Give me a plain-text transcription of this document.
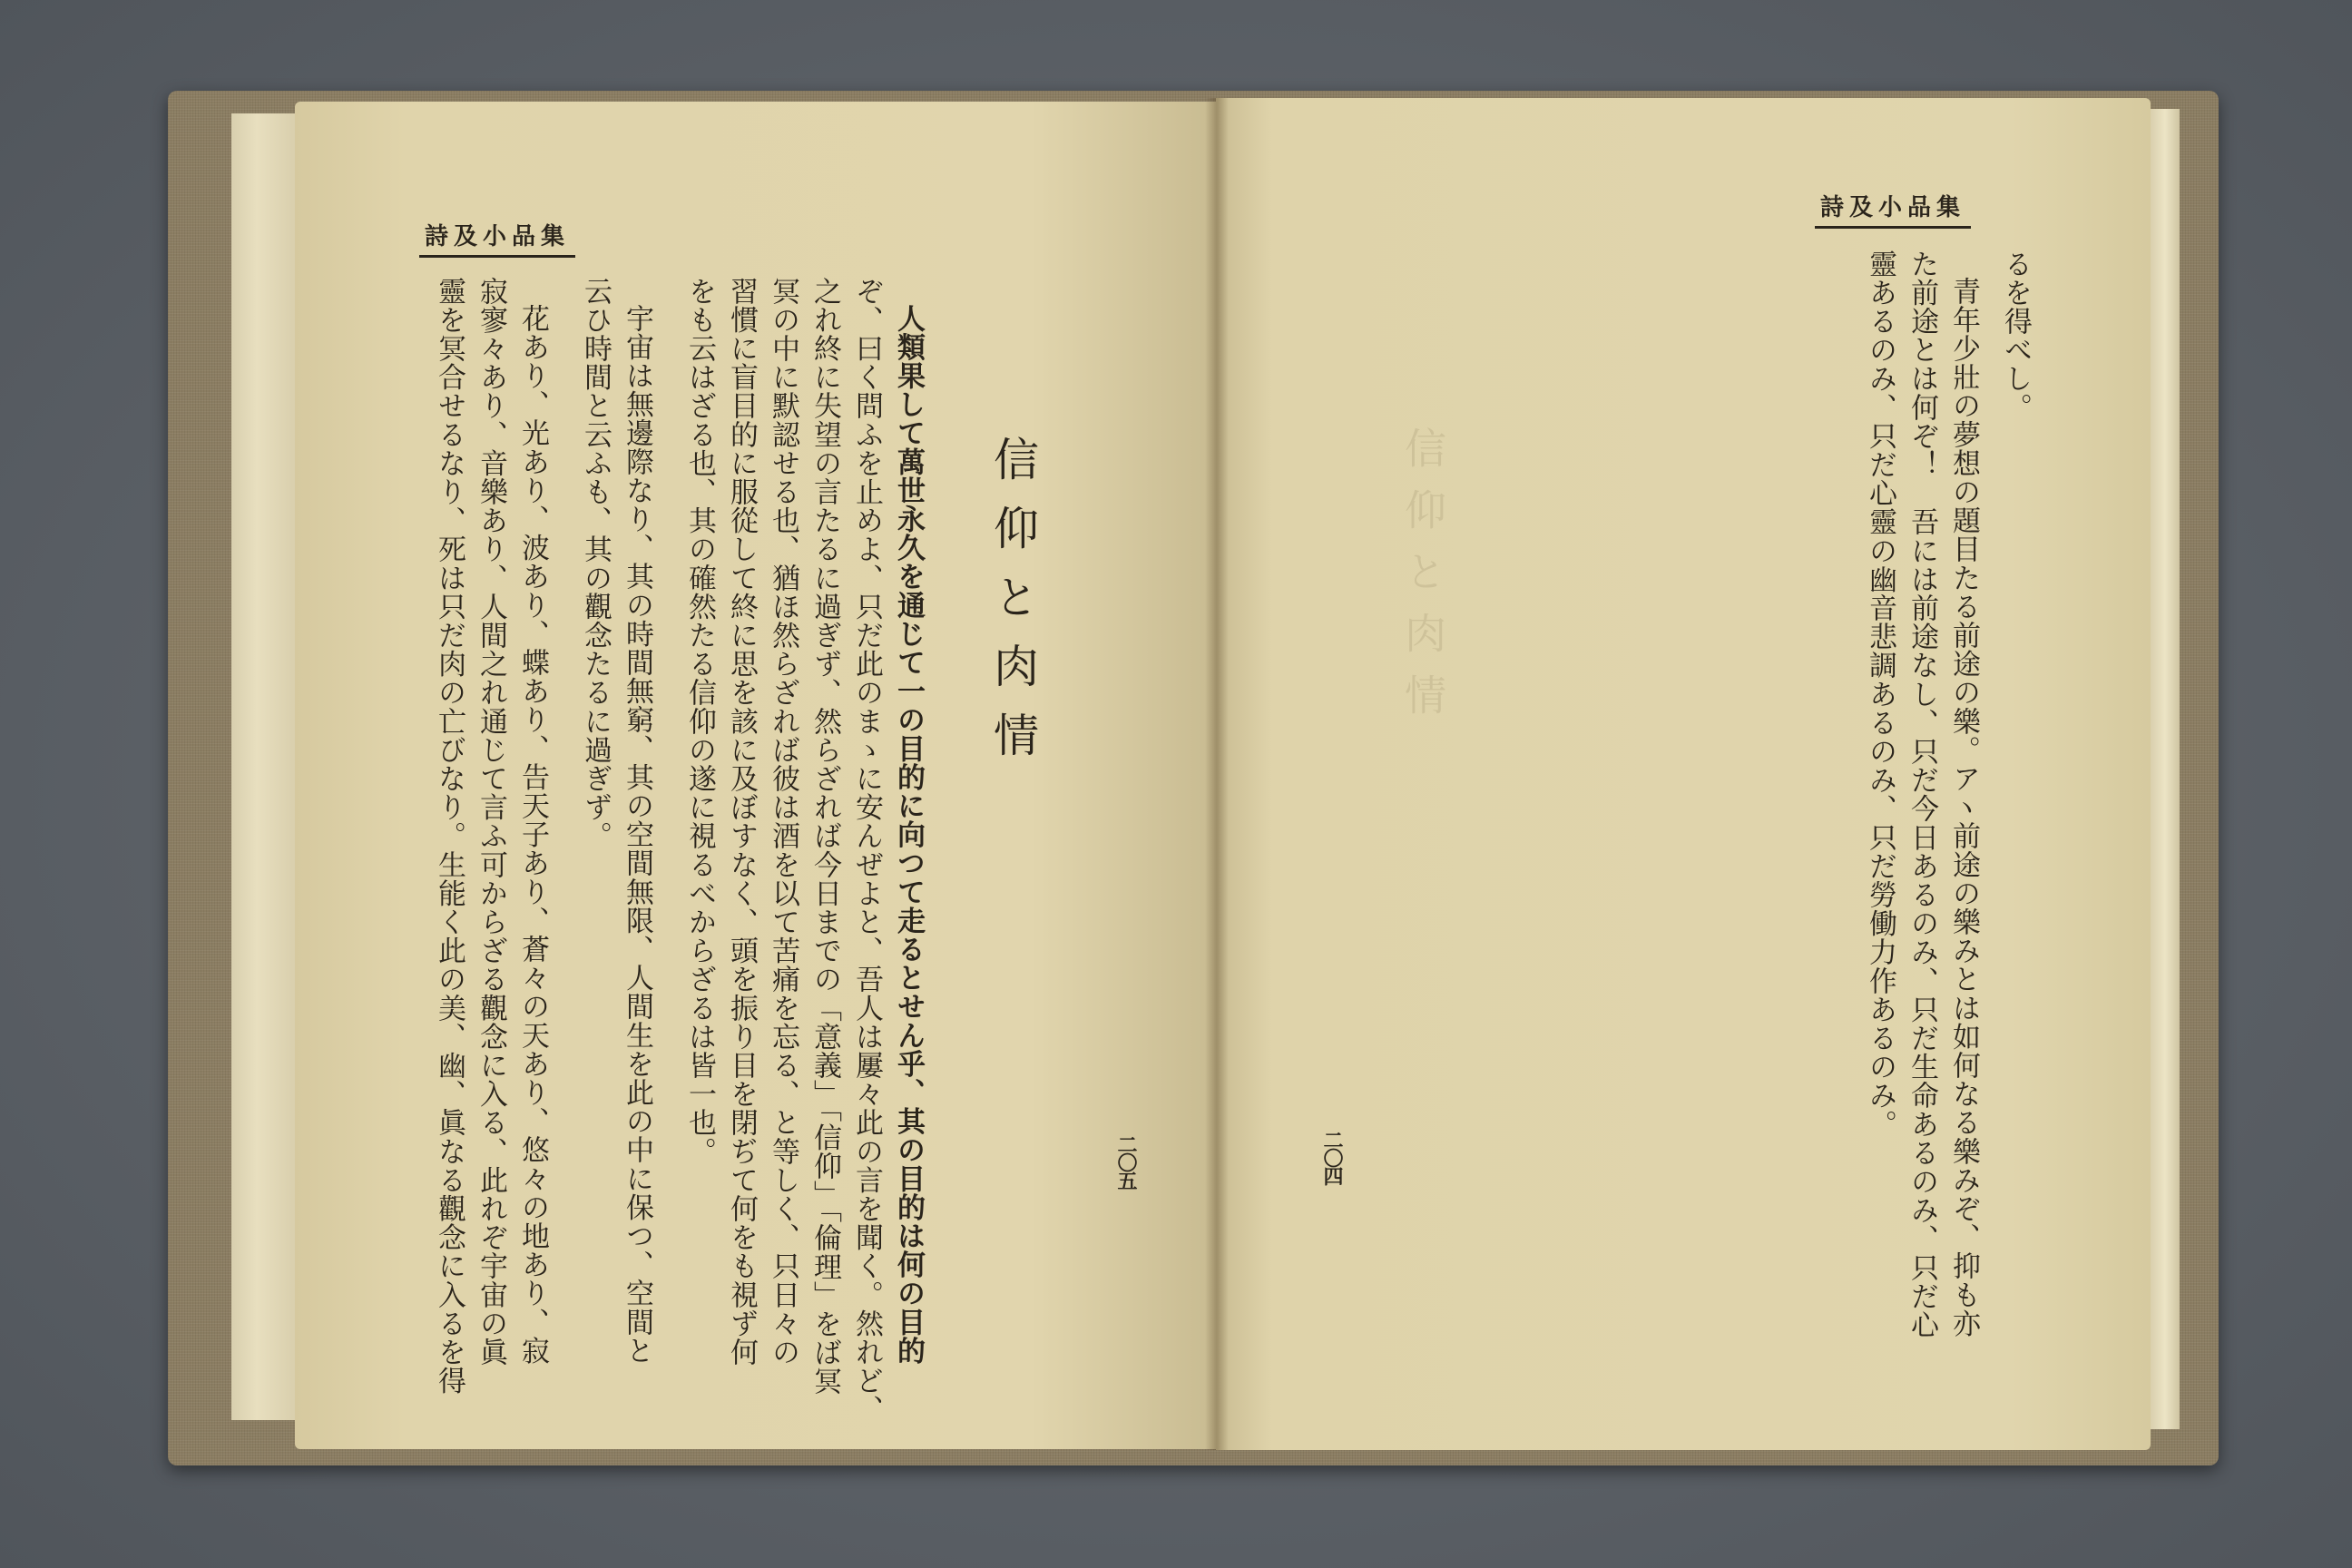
詩及小品集
信仰と肉情
人類果して萬世永久を通じて一の目的に向つて走るとせん乎、其の目的は何の目的
ぞ、曰く問ふを止めよ、只だ此のまゝに安んぜよと、吾人は屢々此の言を聞く。然れど、
之れ終に失望の言たるに過ぎず、然らざれば今日までの「意義」「信仰」「倫理」をば冥
冥の中に默認せる也、猶ほ然らざれば彼は酒を以て苦痛を忘る、と等しく、只日々の
習慣に盲目的に服從して終に思を該に及ぼすなく、頭を振り目を閉ぢて何をも視ず何
をも云はざる也、其の確然たる信仰の遂に視るべからざるは皆一也。
宇宙は無邊際なり、其の時間無窮、其の空間無限、人間生を此の中に保つ、空間と
云ひ時間と云ふも、其の觀念たるに過ぎず。
花あり、光あり、波あり、蝶あり、告天子あり、蒼々の天あり、悠々の地あり、寂
寂寥々あり、音樂あり、人間之れ通じて言ふ可からざる觀念に入る、此れぞ宇宙の眞
靈を冥合せるなり、死は只だ肉の亡びなり。生能く此の美、幽、眞なる觀念に入るを得	二〇五
詩及小品集
信仰と肉情
るを得べし。
青年少壯の夢想の題目たる前途の樂。アヽ前途の樂みとは如何なる樂みぞ、抑も亦
た前途とは何ぞ！　吾には前途なし、只だ今日あるのみ、只だ生命あるのみ、只だ心
靈あるのみ、只だ心靈の幽音悲調あるのみ、只だ勞働力作あるのみ。
二〇四
